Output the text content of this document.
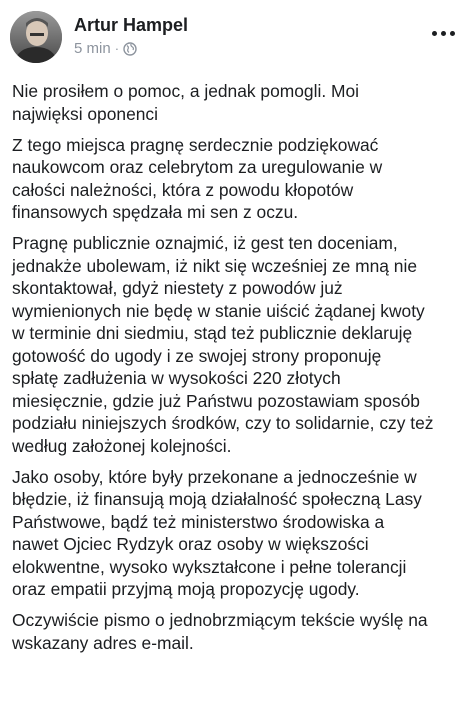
Artur Hampel
5 min ·

Nie prosiłem o pomoc, a jednak pomogli. Moi
najwięksi oponenci

Z tego miejsca pragnę serdecznie podziękować
naukowcom oraz celebrytom za uregulowanie w
całości należności, która z powodu kłopotów
finansowych spędzała mi sen z oczu.

Pragnę publicznie oznajmić, iż gest ten doceniam,
jednakże ubolewam, iż nikt się wcześniej ze mną nie
skontaktował, gdyż niestety z powodów już
wymienionych nie będę w stanie uiścić żądanej kwoty
w terminie dni siedmiu, stąd też publicznie deklaruję
gotowość do ugody i ze swojej strony proponuję
spłatę zadłużenia w wysokości 220 złotych
miesięcznie, gdzie już Państwu pozostawiam sposób
podziału niniejszych środków, czy to solidarnie, czy też
według założonej kolejności.

Jako osoby, które były przekonane a jednocześnie w
błędzie, iż finansują moją działalność społeczną Lasy
Państwowe, bądź też ministerstwo środowiska a
nawet Ojciec Rydzyk oraz osoby w większości
elokwentne, wysoko wykształcone i pełne tolerancji
oraz empatii przyjmą moją propozycję ugody.

Oczywiście pismo o jednobrzmiącym tekście wyślę na
wskazany adres e-mail.
